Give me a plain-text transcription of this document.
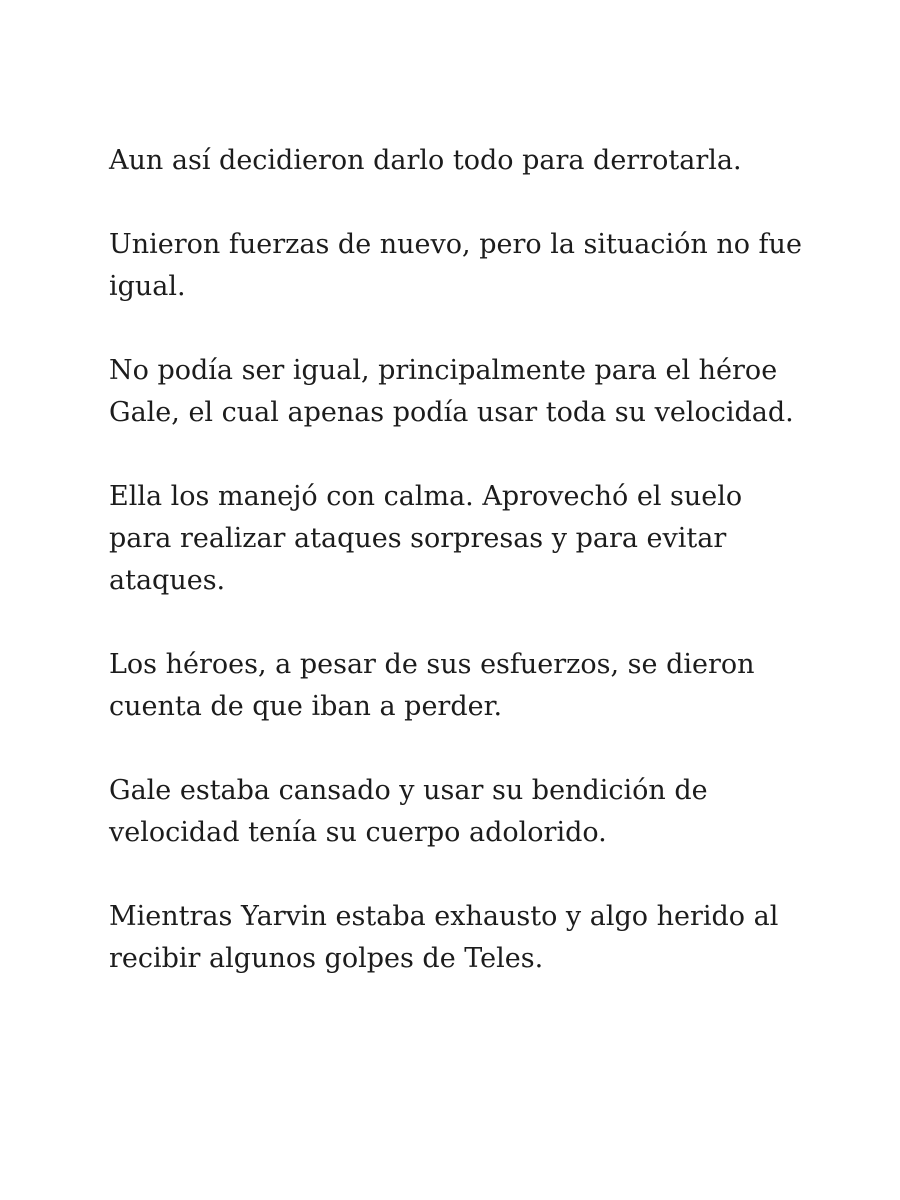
Aun así decidieron darlo todo para derrotarla.

Unieron fuerzas de nuevo, pero la situación no fue igual.

No podía ser igual, principalmente para el héroe Gale, el cual apenas podía usar toda su velocidad.

Ella los manejó con calma. Aprovechó el suelo para realizar ataques sorpresas y para evitar ataques.

Los héroes, a pesar de sus esfuerzos, se dieron cuenta de que iban a perder.

Gale estaba cansado y usar su bendición de velocidad tenía su cuerpo adolorido.

Mientras Yarvin estaba exhausto y algo herido al recibir algunos golpes de Teles.
